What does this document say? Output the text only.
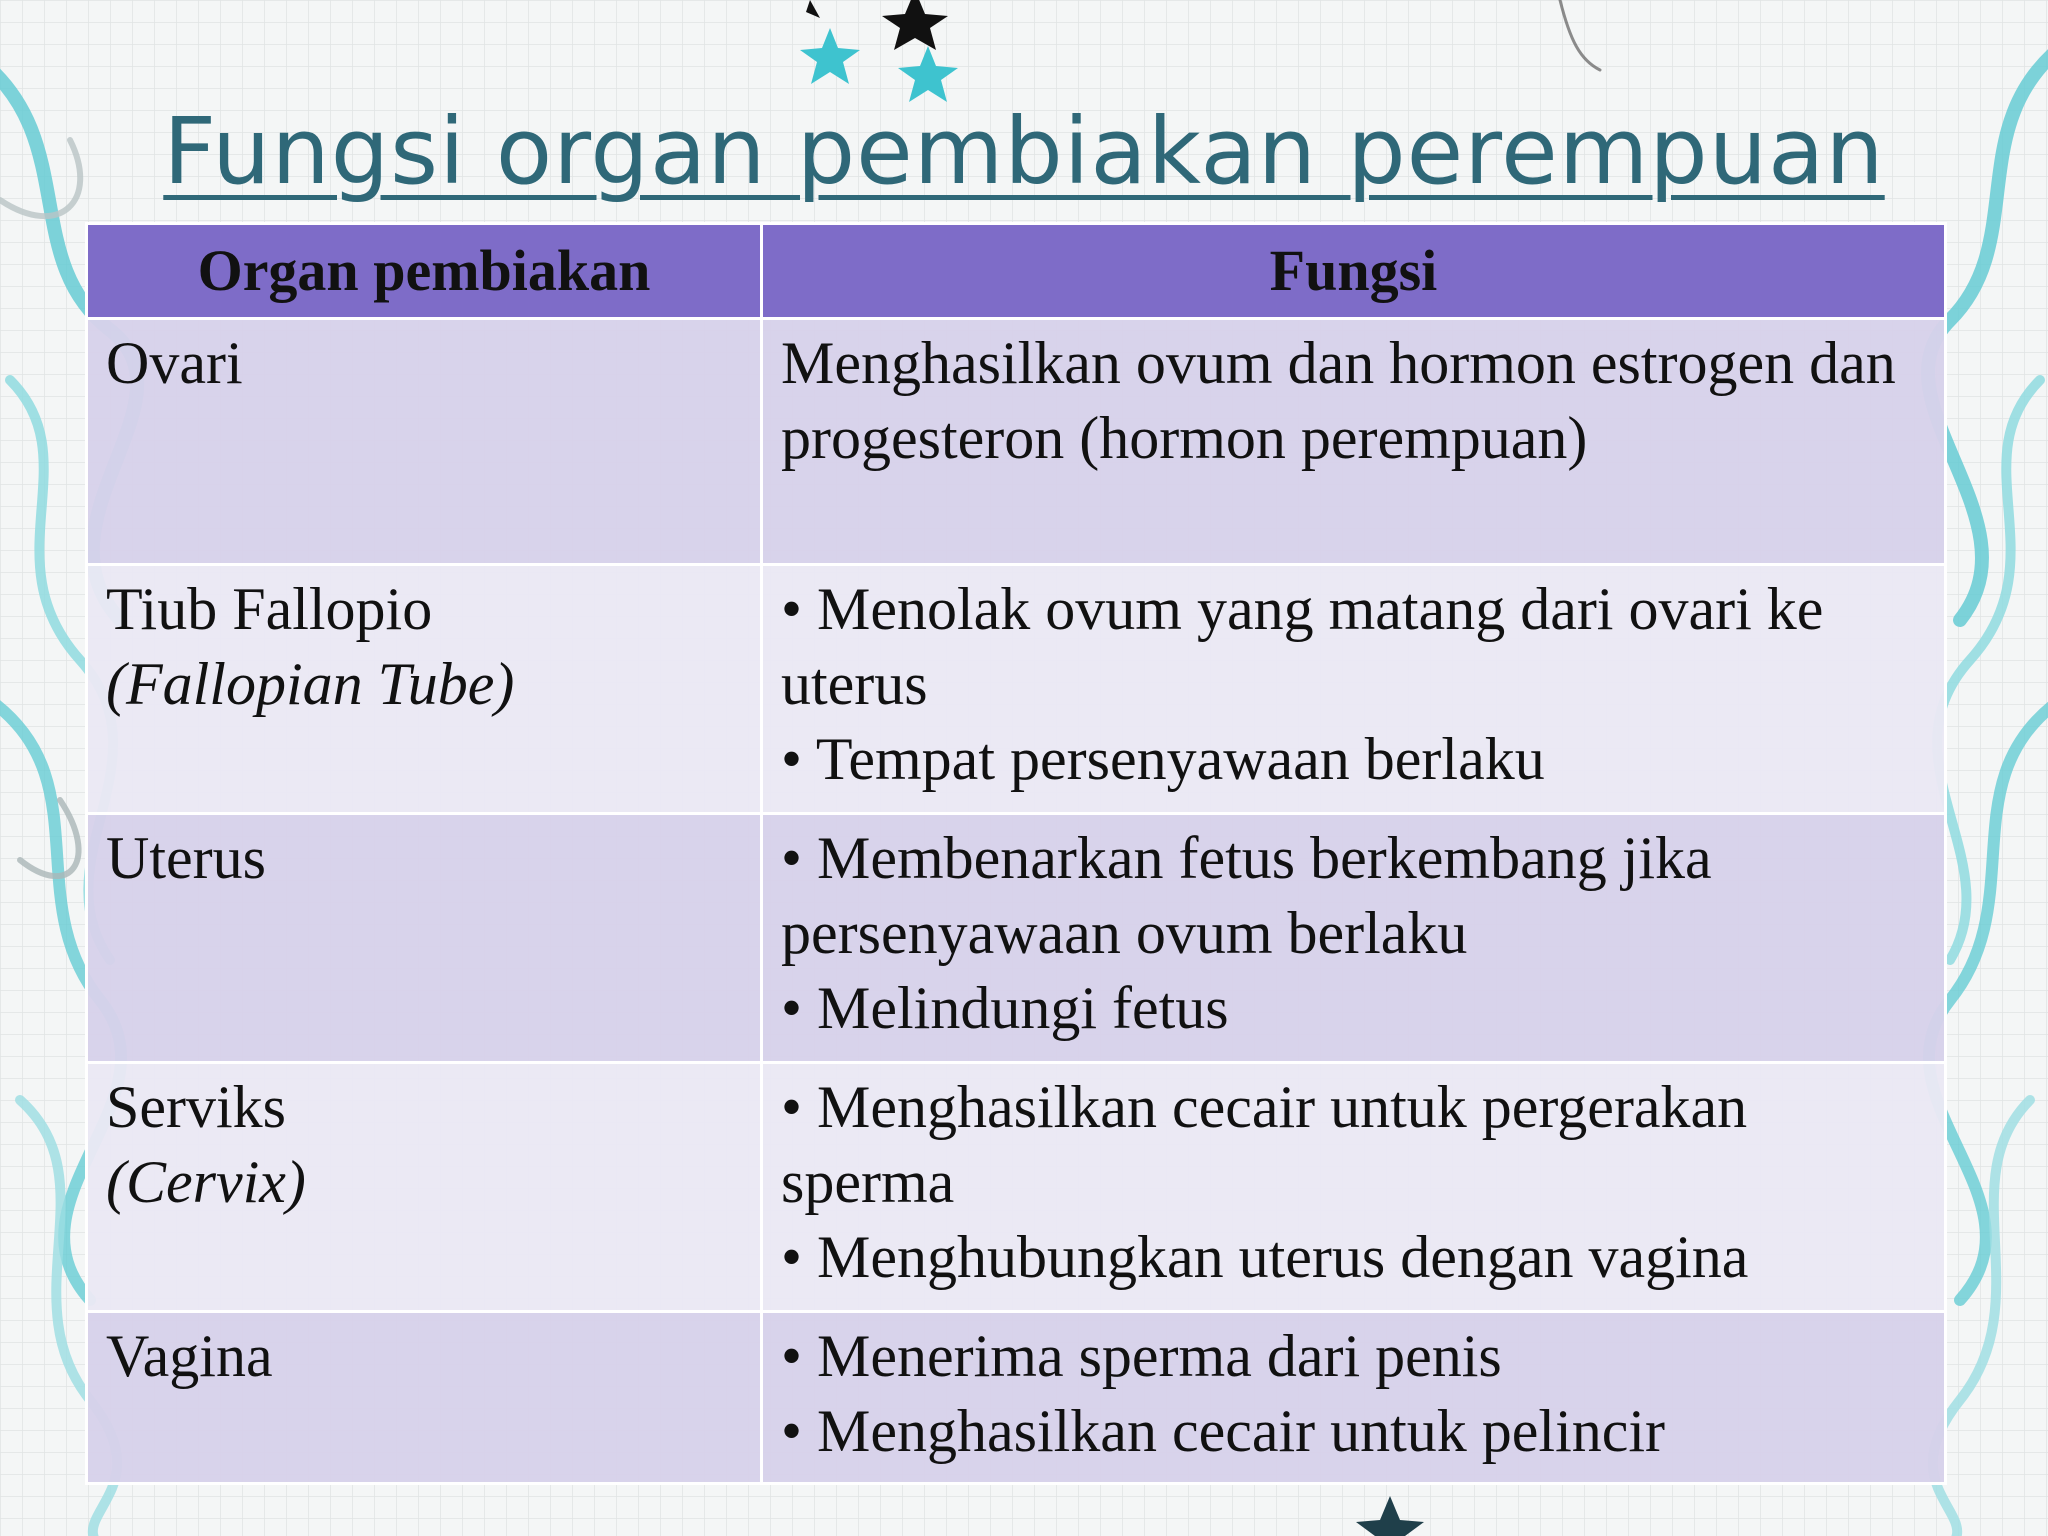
Fungsi organ pembiakan perempuan
Organ pembiakan	Fungsi

Ovari	Menghasilkan ovum dan hormon estrogen dan progesteron (hormon perempuan)

Tiub Fallopio
(Fallopian Tube)	• Menolak ovum yang matang dari ovari ke uterus
• Tempat persenyawaan berlaku

Uterus	• Membenarkan fetus berkembang jika persenyawaan ovum berlaku
• Melindungi fetus

Serviks
(Cervix)	• Menghasilkan cecair untuk pergerakan sperma
• Menghubungkan uterus dengan vagina

Vagina	• Menerima sperma dari penis
• Menghasilkan cecair untuk pelincir
